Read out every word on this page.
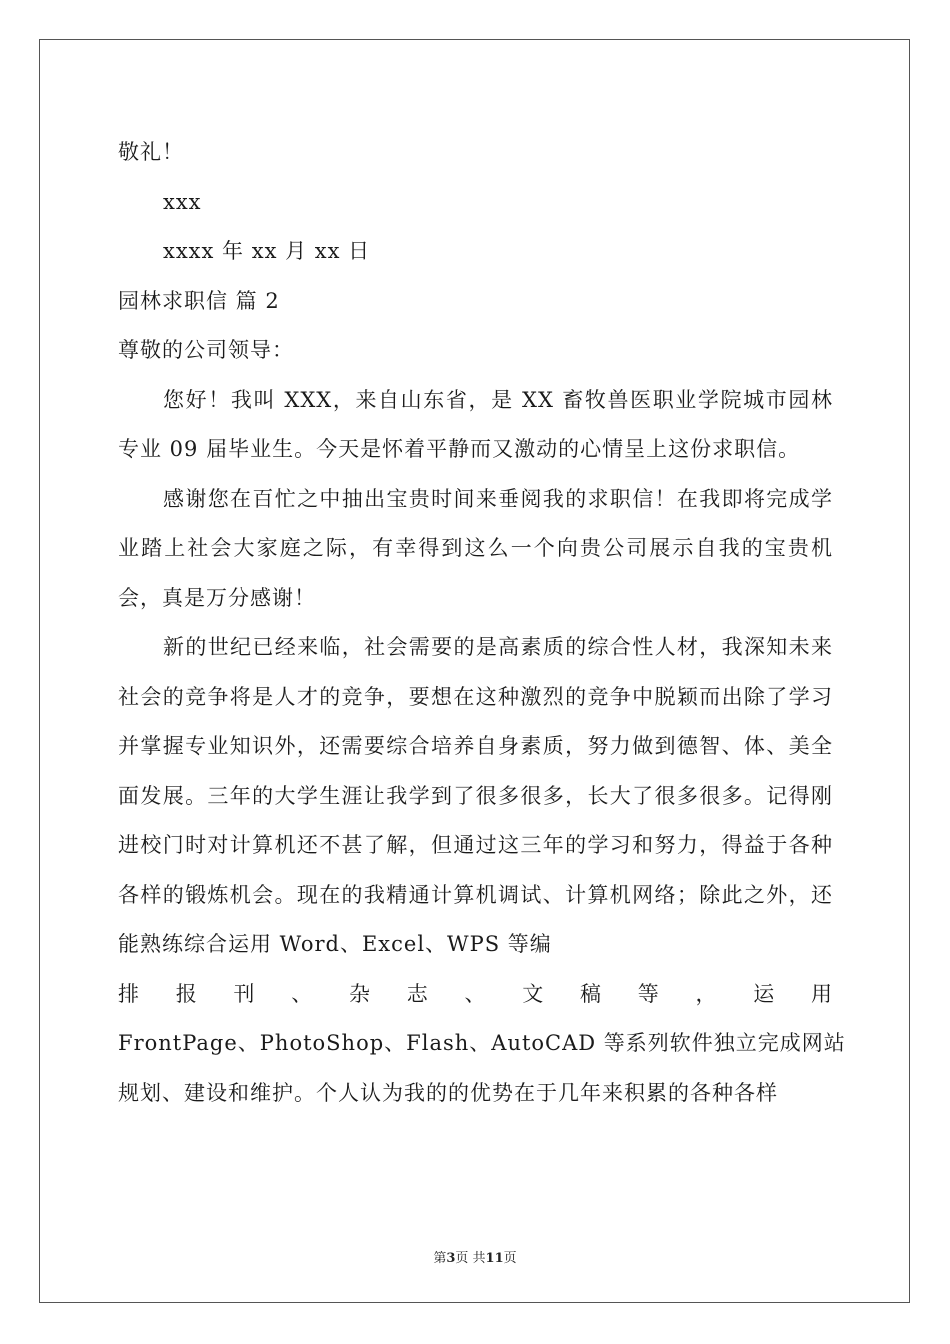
敬礼！
xxx
xxxx 年 xx 月 xx 日
园林求职信 篇 2
尊敬的公司领导：
您好！我叫 XXX，来自山东省，是 XX 畜牧兽医职业学院城市园林专业 09 届毕业生。今天是怀着平静而又激动的心情呈上这份求职信。
感谢您在百忙之中抽出宝贵时间来垂阅我的求职信！在我即将完成学业踏上社会大家庭之际，有幸得到这么一个向贵公司展示自我的宝贵机会，真是万分感谢！
新的世纪已经来临，社会需要的是高素质的综合性人材，我深知未来社会的竞争将是人才的竞争，要想在这种激烈的竞争中脱颖而出除了学习并掌握专业知识外，还需要综合培养自身素质，努力做到德智、体、美全面发展。三年的大学生涯让我学到了很多很多，长大了很多很多。记得刚进校门时对计算机还不甚了解，但通过这三年的学习和努力，得益于各种各样的锻炼机会。现在的我精通计算机调试、计算机网络；除此之外，还能熟练综合运用 Word、Excel、WPS 等编
排 报 刊 、 杂 志 、 文 稿 等 ， 运 用
FrontPage、PhotoShop、Flash、AutoCAD 等系列软件独立完成网站
规划、建设和维护。个人认为我的的优势在于几年来积累的各种各样
第3页 共11页
